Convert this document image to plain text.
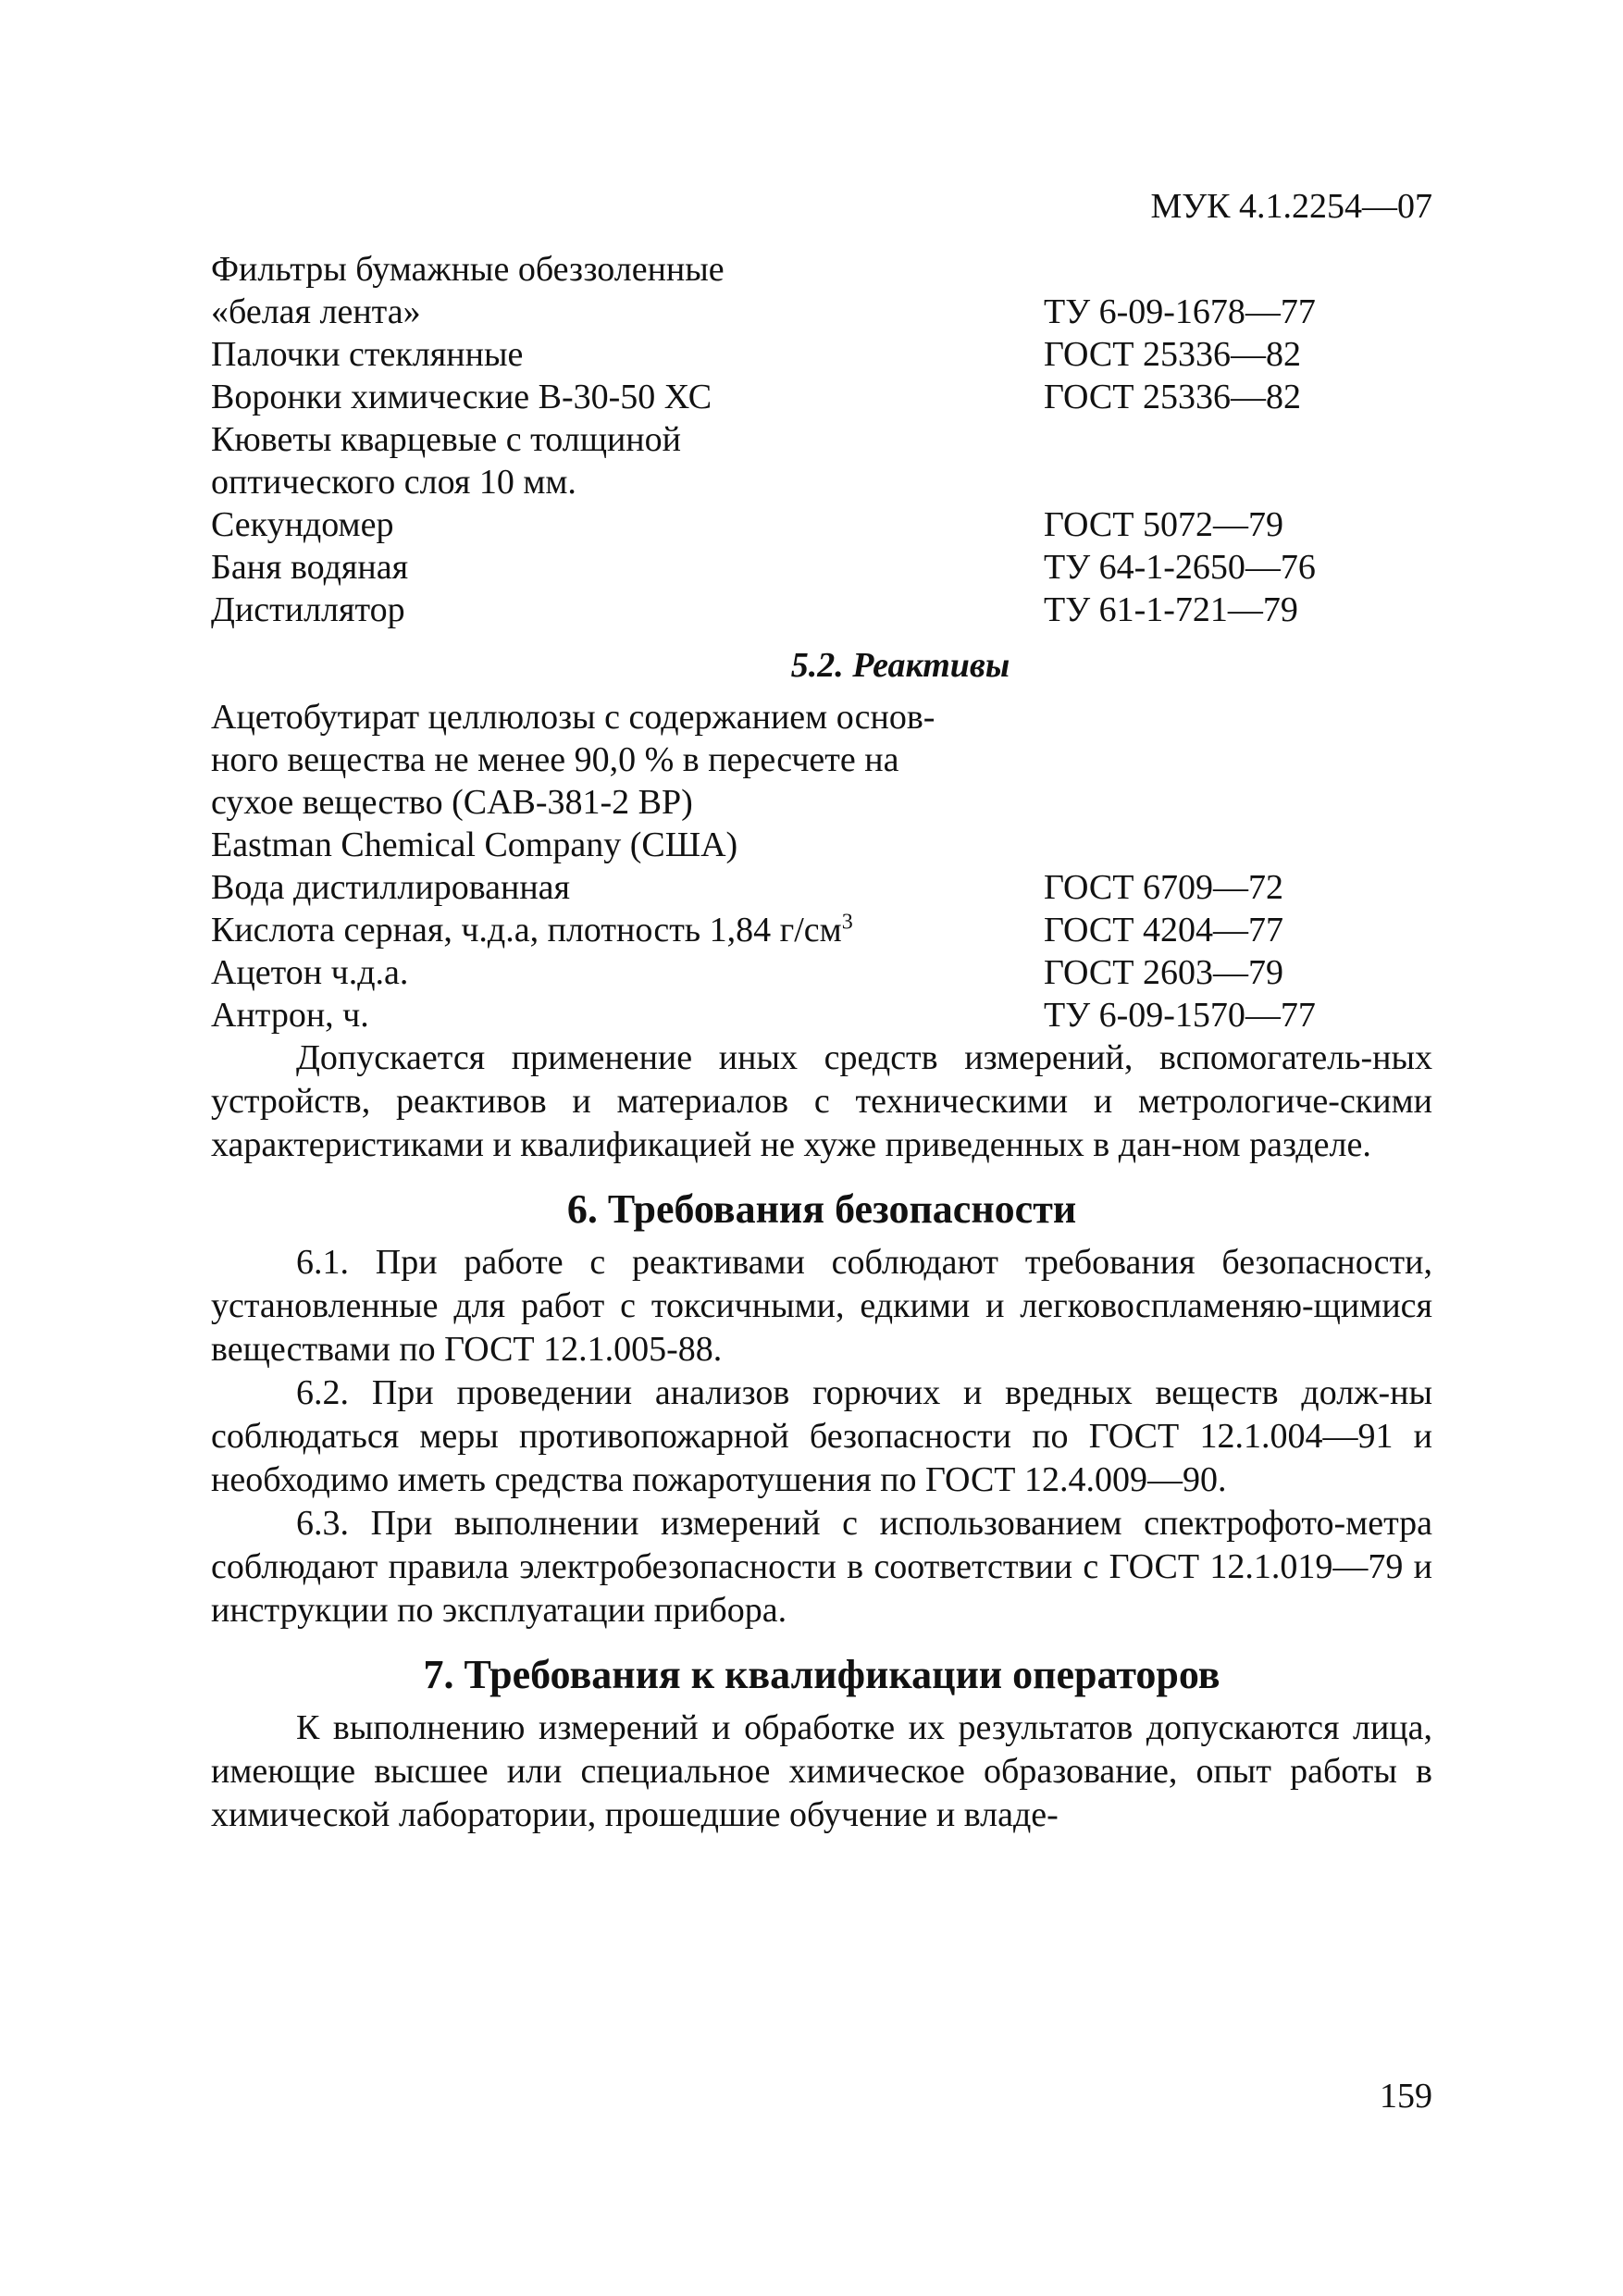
МУК 4.1.2254—07
Фильтры бумажные обеззоленные
«белая лента»	ТУ 6-09-1678—77
Палочки стеклянные	ГОСТ 25336—82
Воронки химические В-30-50 ХС	ГОСТ 25336—82
Кюветы кварцевые с толщиной
оптического слоя 10 мм.
Секундомер	ГОСТ 5072—79
Баня водяная	ТУ 64-1-2650—76
Дистиллятор	ТУ 61-1-721—79
5.2. Реактивы
Ацетобутират целлюлозы с содержанием основ-
ного вещества не менее 90,0 % в пересчете на
сухое вещество (CAB-381-2 BP)
Eastman Chemical Company (США)
Вода дистиллированная	ГОСТ 6709—72
Кислота серная, ч.д.а, плотность 1,84 $г/см^3$	ГОСТ 4204—77
Ацетон ч.д.а.	ГОСТ 2603—79
Антрон, ч.	ТУ 6-09-1570—77

Допускается применение иных средств измерений, вспомогатель-ных устройств, реактивов и материалов с техническими и метрологиче-скими характеристиками и квалификацией не хуже приведенных в дан-ном разделе.

6. Требования безопасности

6.1. При работе с реактивами соблюдают требования безопасности, установленные для работ с токсичными, едкими и легковоспламеняю-щимися веществами по ГОСТ 12.1.005-88.

6.2. При проведении анализов горючих и вредных веществ долж-ны соблюдаться меры противопожарной безопасности по ГОСТ 12.1.004—91 и необходимо иметь средства пожаротушения по ГОСТ 12.4.009—90.

6.3. При выполнении измерений с использованием спектрофото-метра соблюдают правила электробезопасности в соответствии с ГОСТ 12.1.019—79 и инструкции по эксплуатации прибора.

7. Требования к квалификации операторов

К выполнению измерений и обработке их результатов допускаются лица, имеющие высшее или специальное химическое образование, опыт работы в химической лаборатории, прошедшие обучение и владе-

159
